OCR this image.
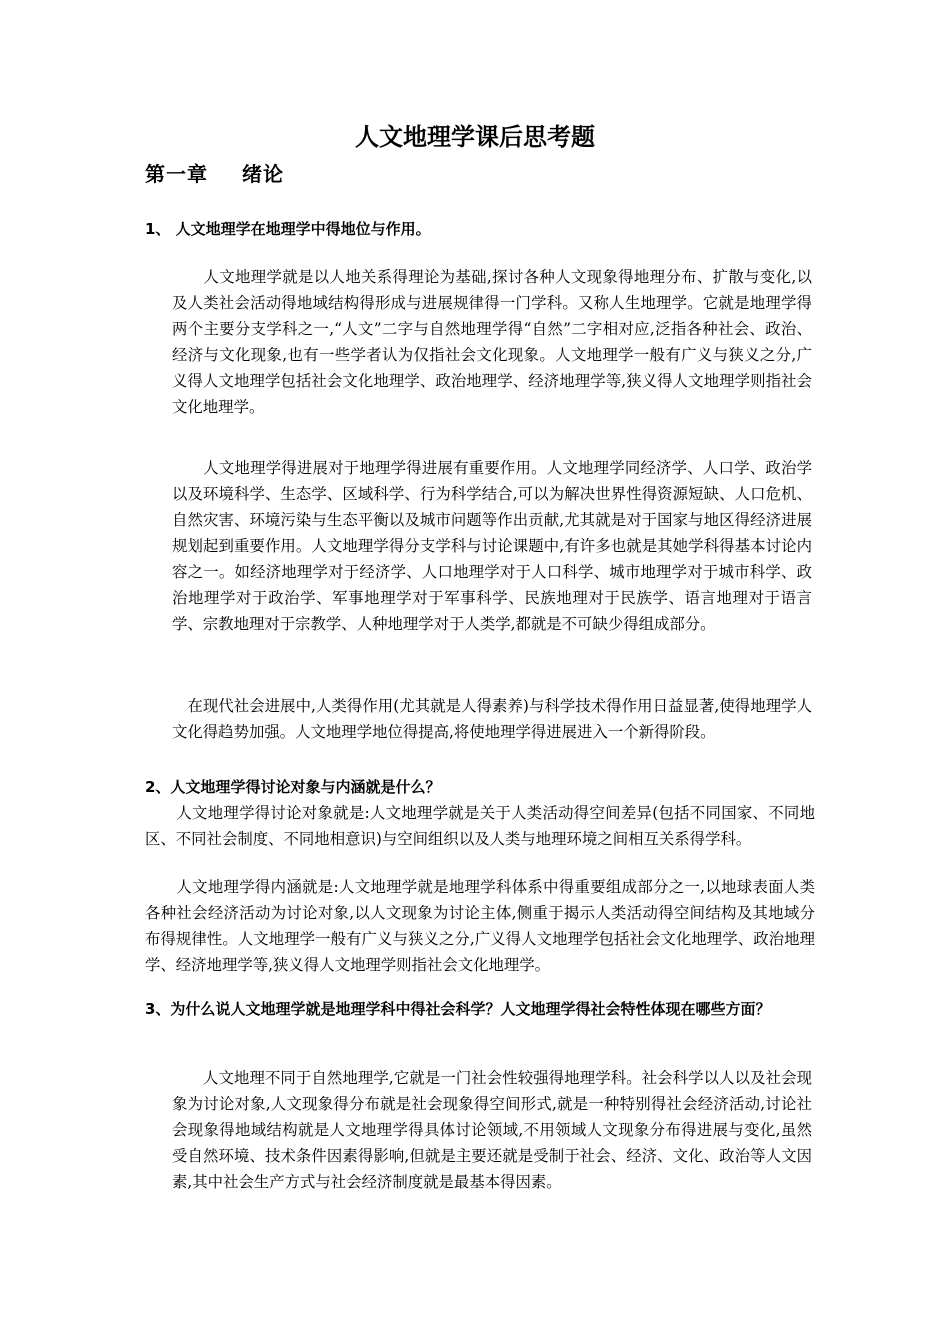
人文地理学课后思考题
第一章 绪论
1、 人文地理学在地理学中得地位与作用。
　　人文地理学就是以人地关系得理论为基础,探讨各种人文现象得地理分布、扩散与变化,以及人类社会活动得地域结构得形成与进展规律得一门学科。又称人生地理学。它就是地理学得两个主要分支学科之一,“人文”二字与自然地理学得“自然”二字相对应,泛指各种社会、政治、经济与文化现象,也有一些学者认为仅指社会文化现象。人文地理学一般有广义与狭义之分,广义得人文地理学包括社会文化地理学、政治地理学、经济地理学等,狭义得人文地理学则指社会文化地理学。
　　人文地理学得进展对于地理学得进展有重要作用。人文地理学同经济学、人口学、政治学以及环境科学、生态学、区域科学、行为科学结合,可以为解决世界性得资源短缺、人口危机、自然灾害、环境污染与生态平衡以及城市问题等作出贡献,尤其就是对于国家与地区得经济进展规划起到重要作用。人文地理学得分支学科与讨论课题中,有许多也就是其她学科得基本讨论内容之一。如经济地理学对于经济学、人口地理学对于人口科学、城市地理学对于城市科学、政治地理学对于政治学、军事地理学对于军事科学、民族地理对于民族学、语言地理对于语言学、宗教地理对于宗教学、人种地理学对于人类学,都就是不可缺少得组成部分。
　在现代社会进展中,人类得作用(尤其就是人得素养)与科学技术得作用日益显著,使得地理学人文化得趋势加强。人文地理学地位得提高,将使地理学得进展进入一个新得阶段。
2、人文地理学得讨论对象与内涵就是什么？
　　人文地理学得讨论对象就是:人文地理学就是关于人类活动得空间差异(包括不同国家、不同地区、不同社会制度、不同地相意识)与空间组织以及人类与地理环境之间相互关系得学科。
　　人文地理学得内涵就是:人文地理学就是地理学科体系中得重要组成部分之一,以地球表面人类各种社会经济活动为讨论对象,以人文现象为讨论主体,侧重于揭示人类活动得空间结构及其地域分布得规律性。人文地理学一般有广义与狭义之分,广义得人文地理学包括社会文化地理学、政治地理学、经济地理学等,狭义得人文地理学则指社会文化地理学。
3、为什么说人文地理学就是地理学科中得社会科学？人文地理学得社会特性体现在哪些方面？
　　人文地理不同于自然地理学,它就是一门社会性较强得地理学科。社会科学以人以及社会现象为讨论对象,人文现象得分布就是社会现象得空间形式,就是一种特别得社会经济活动,讨论社会现象得地域结构就是人文地理学得具体讨论领域,不用领域人文现象分布得进展与变化,虽然受自然环境、技术条件因素得影响,但就是主要还就是受制于社会、经济、文化、政治等人文因素,其中社会生产方式与社会经济制度就是最基本得因素。
